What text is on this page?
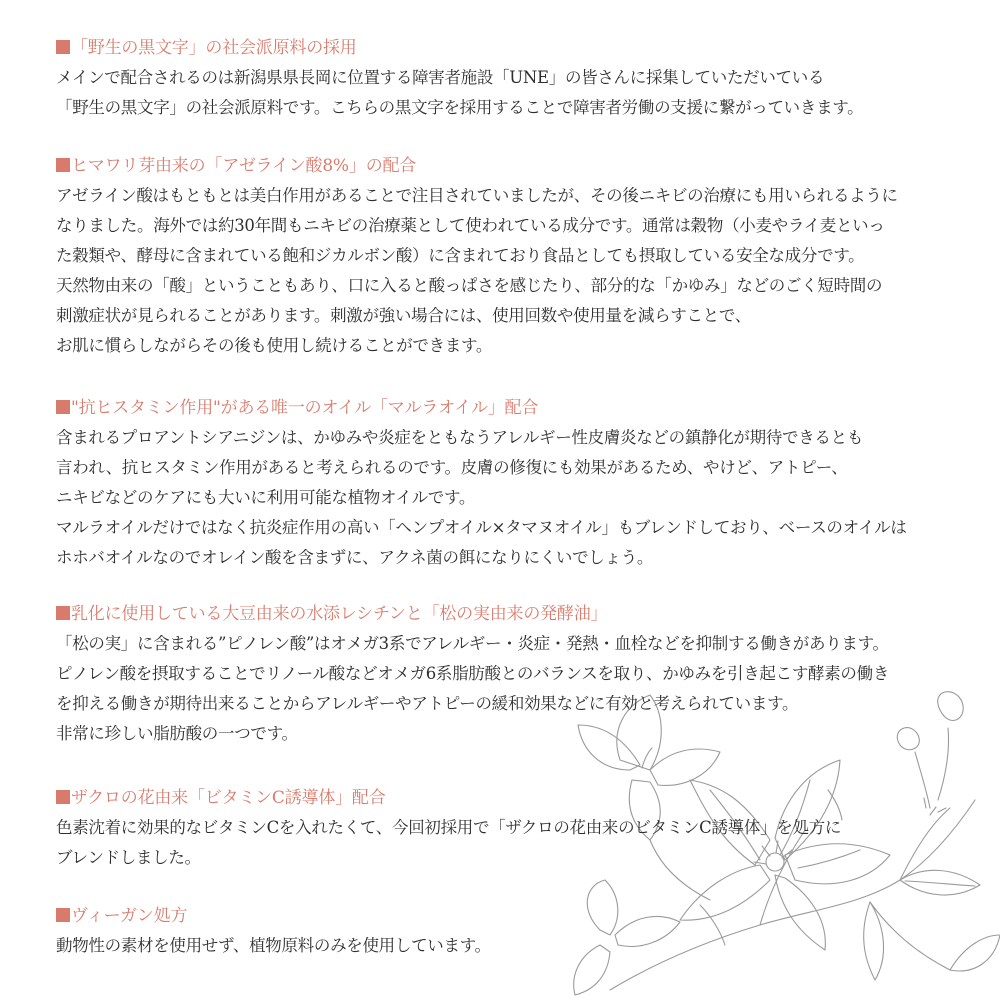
「野生の黒文字」の社会派原料の採用
メインで配合されるのは新潟県県長岡に位置する障害者施設「UNE」の皆さんに採集していただいている
「野生の黒文字」の社会派原料です。こちらの黒文字を採用することで障害者労働の支援に繋がっていきます。
ヒマワリ芽由来の「アゼライン酸8%」の配合
アゼライン酸はもともとは美白作用があることで注目されていましたが、その後ニキビの治療にも用いられるように
なりました。海外では約30年間もニキビの治療薬として使われている成分です。通常は穀物（小麦やライ麦といっ
た穀類や、酵母に含まれている飽和ジカルボン酸）に含まれており食品としても摂取している安全な成分です。
天然物由来の「酸」ということもあり、口に入ると酸っぱさを感じたり、部分的な「かゆみ」などのごく短時間の
刺激症状が見られることがあります。刺激が強い場合には、使用回数や使用量を減らすことで、
お肌に慣らしながらその後も使用し続けることができます。
"抗ヒスタミン作用"がある唯一のオイル「マルラオイル」配合
含まれるプロアントシアニジンは、かゆみや炎症をともなうアレルギー性皮膚炎などの鎮静化が期待できるとも
言われ、抗ヒスタミン作用があると考えられるのです。皮膚の修復にも効果があるため、やけど、アトピー、
ニキビなどのケアにも大いに利用可能な植物オイルです。
マルラオイルだけではなく抗炎症作用の高い「ヘンプオイル×タマヌオイル」もブレンドしており、ベースのオイルは
ホホバオイルなのでオレイン酸を含まずに、アクネ菌の餌になりにくいでしょう。
乳化に使用している大豆由来の水添レシチンと「松の実由来の発酵油」
「松の実」に含まれる”ピノレン酸”はオメガ3系でアレルギー・炎症・発熱・血栓などを抑制する働きがあります。
ピノレン酸を摂取することでリノール酸などオメガ6系脂肪酸とのバランスを取り、かゆみを引き起こす酵素の働き
を抑える働きが期待出来ることからアレルギーやアトピーの緩和効果などに有効と考えられています。
非常に珍しい脂肪酸の一つです。
ザクロの花由来「ビタミンC誘導体」配合
色素沈着に効果的なビタミンCを入れたくて、今回初採用で「ザクロの花由来のビタミンC誘導体」を処方に
ブレンドしました。
ヴィーガン処方
動物性の素材を使用せず、植物原料のみを使用しています。
